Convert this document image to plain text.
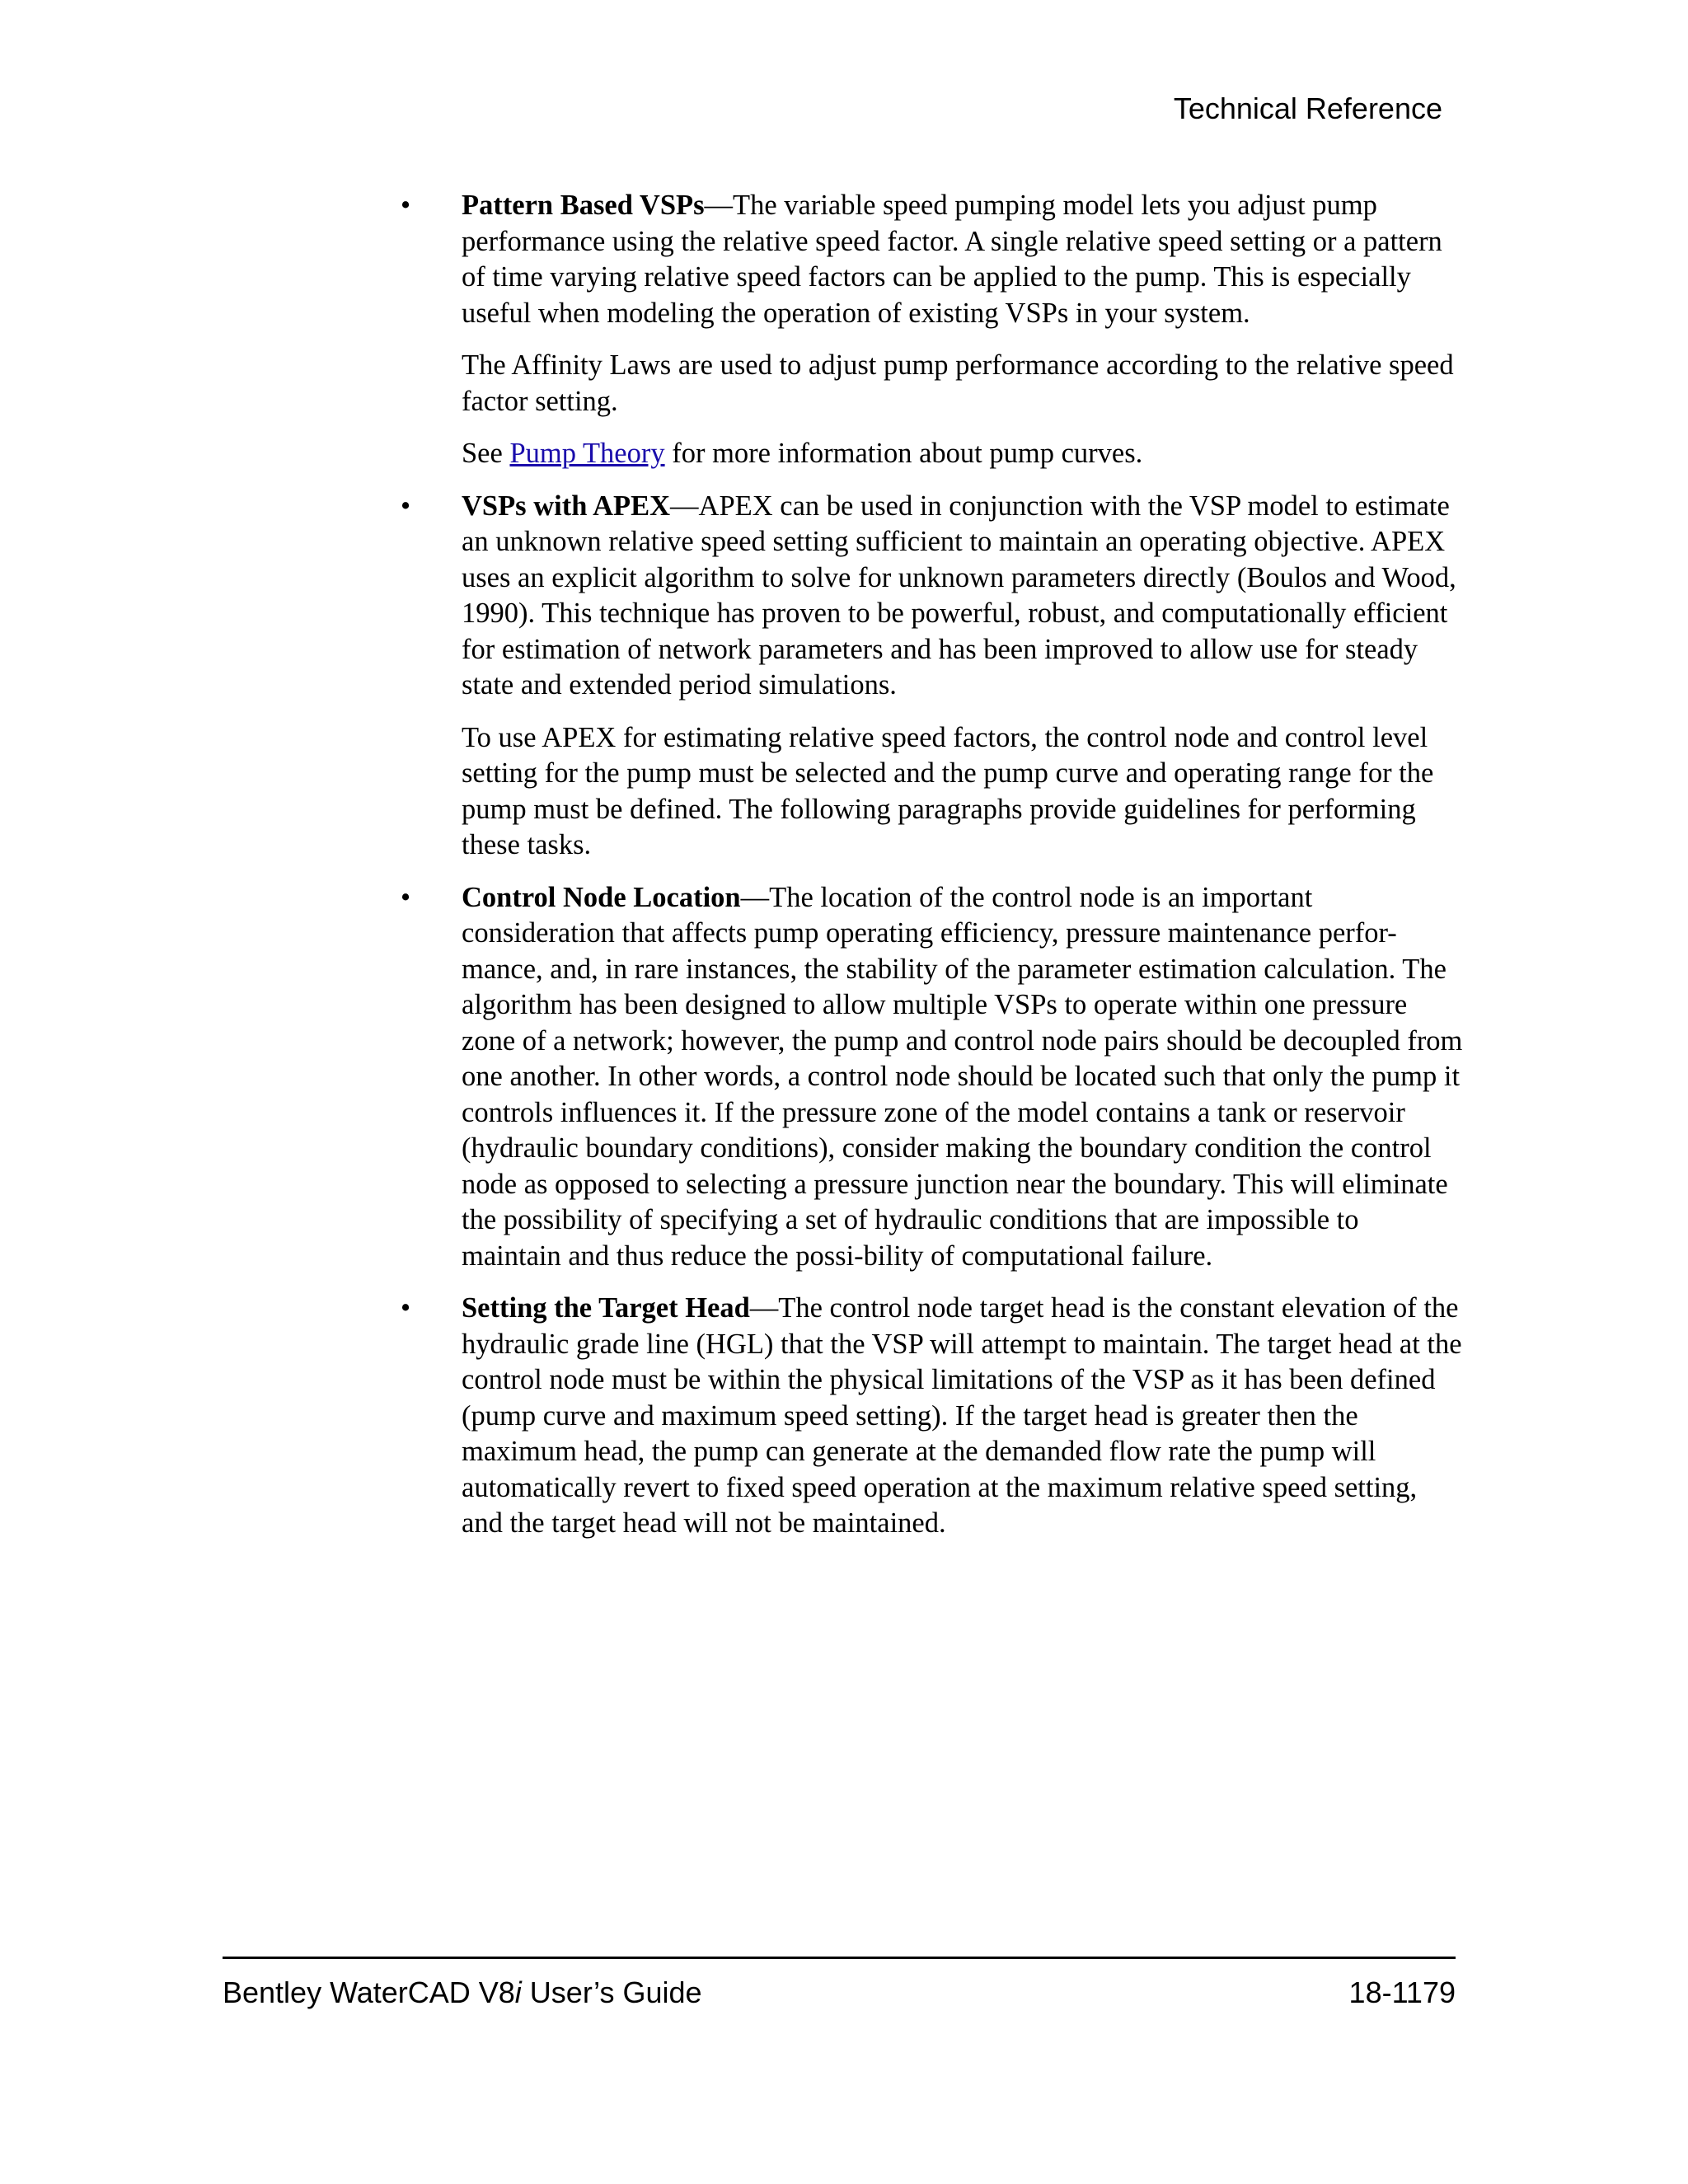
Technical Reference
•	Pattern Based VSPs—The variable speed pumping model lets you adjust pump performance using the relative speed factor. A single relative speed setting or a pattern of time varying relative speed factors can be applied to the pump. This is especially useful when modeling the operation of existing VSPs in your system.

The Affinity Laws are used to adjust pump performance according to the relative speed factor setting.

See Pump Theory for more information about pump curves.

•	VSPs with APEX—APEX can be used in conjunction with the VSP model to estimate an unknown relative speed setting sufficient to maintain an operating objective. APEX uses an explicit algorithm to solve for unknown parameters directly (Boulos and Wood, 1990). This technique has proven to be powerful, robust, and computationally efficient for estimation of network parameters and has been improved to allow use for steady state and extended period simulations.

To use APEX for estimating relative speed factors, the control node and control level setting for the pump must be selected and the pump curve and operating range for the pump must be defined. The following paragraphs provide guidelines for performing these tasks.

•	Control Node Location—The location of the control node is an important consideration that affects pump operating efficiency, pressure maintenance perfor-mance, and, in rare instances, the stability of the parameter estimation calculation. The algorithm has been designed to allow multiple VSPs to operate within one pressure zone of a network; however, the pump and control node pairs should be decoupled from one another. In other words, a control node should be located such that only the pump it controls influences it. If the pressure zone of the model contains a tank or reservoir (hydraulic boundary conditions), consider making the boundary condition the control node as opposed to selecting a pressure junction near the boundary. This will eliminate the possibility of specifying a set of hydraulic conditions that are impossible to maintain and thus reduce the possi-bility of computational failure.

•	Setting the Target Head—The control node target head is the constant elevation of the hydraulic grade line (HGL) that the VSP will attempt to maintain. The target head at the control node must be within the physical limitations of the VSP as it has been defined (pump curve and maximum speed setting). If the target head is greater then the maximum head, the pump can generate at the demanded flow rate the pump will automatically revert to fixed speed operation at the maximum relative speed setting, and the target head will not be maintained.

Bentley WaterCAD V8i User’s Guide	18-1179
